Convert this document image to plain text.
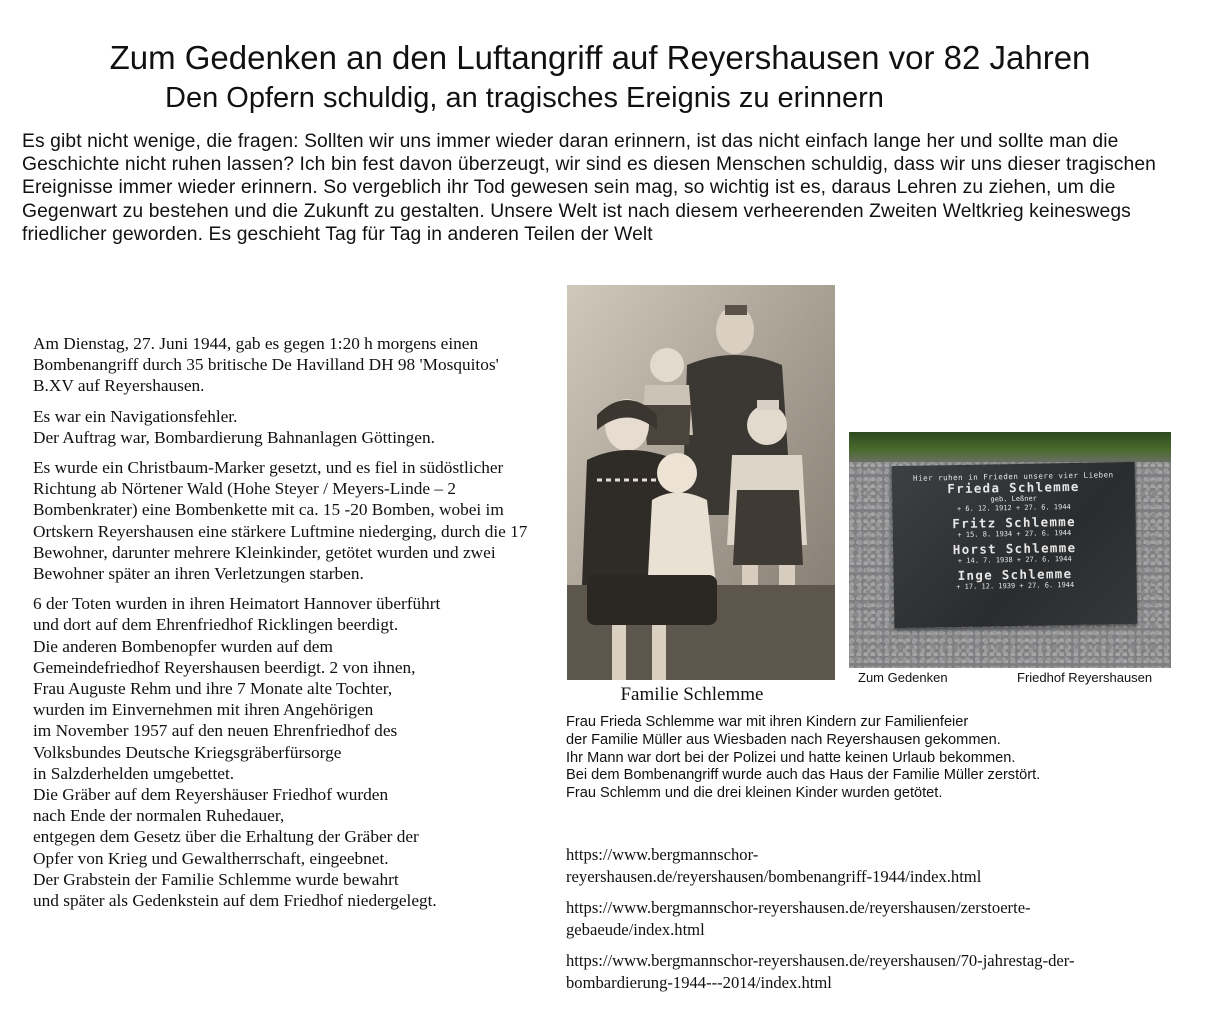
Zum Gedenken an den Luftangriff auf Reyershausen vor 82 Jahren
Den Opfern schuldig, an tragisches Ereignis zu erinnern

Es gibt nicht wenige, die fragen: Sollten wir uns immer wieder daran erinnern, ist das nicht einfach lange her und sollte man die Geschichte nicht ruhen lassen? Ich bin fest davon überzeugt, wir sind es diesen Menschen schuldig, dass wir uns dieser tragischen Ereignisse immer wieder erinnern. So vergeblich ihr Tod gewesen sein mag, so wichtig ist es, daraus Lehren zu ziehen, um die Gegenwart zu bestehen und die Zukunft zu gestalten. Unsere Welt ist nach diesem verheerenden Zweiten Weltkrieg keineswegs friedlicher geworden. Es geschieht Tag für Tag in anderen Teilen der Welt

Am Dienstag, 27. Juni 1944, gab es gegen 1:20 h morgens einen Bombenangriff durch 35 britische De Havilland DH 98 'Mosquitos' B.XV auf Reyershausen.

Es war ein Navigationsfehler.
Der Auftrag war, Bombardierung Bahnanlagen Göttingen.

Es wurde ein Christbaum-Marker gesetzt, und es fiel in südöstlicher Richtung ab Nörtener Wald (Hohe Steyer / Meyers-Linde – 2 Bombenkrater) eine Bombenkette mit ca. 15 -20 Bomben, wobei im Ortskern Reyershausen eine stärkere Luftmine niederging, durch die 17 Bewohner, darunter mehrere Kleinkinder, getötet wurden und zwei Bewohner später an ihren Verletzungen starben.

6 der Toten wurden in ihren Heimatort Hannover überführt
und dort auf dem Ehrenfriedhof Ricklingen beerdigt.
Die anderen Bombenopfer wurden auf dem
Gemeindefriedhof Reyershausen beerdigt. 2 von ihnen,
Frau Auguste Rehm und ihre 7 Monate alte Tochter,
wurden im Einvernehmen mit ihren Angehörigen
im November 1957 auf den neuen Ehrenfriedhof des
Volksbundes Deutsche Kriegsgräberfürsorge
in Salzderhelden umgebettet.
Die Gräber auf dem Reyershäuser Friedhof wurden
nach Ende der normalen Ruhedauer,
entgegen dem Gesetz über die Erhaltung der Gräber der
Opfer von Krieg und Gewaltherrschaft, eingeebnet.
Der Grabstein der Familie Schlemme wurde bewahrt
und später als Gedenkstein auf dem Friedhof niedergelegt.

Familie Schlemme
Hier ruhen in Frieden unsere vier Lieben
Frieda Schlemme
geb. Leßner
+ 6. 12. 1912 + 27. 6. 1944
Fritz Schlemme
+ 15. 8. 1934 + 27. 6. 1944
Horst Schlemme
+ 14. 7. 1938 + 27. 6. 1944
Inge Schlemme
+ 17. 12. 1939 + 27. 6. 1944
Zum Gedenken	Friedhof Reyershausen
Frau Frieda Schlemme war mit ihren Kindern zur Familienfeier
der Familie Müller aus Wiesbaden nach Reyershausen gekommen.
Ihr Mann war dort bei der Polizei und hatte keinen Urlaub bekommen.
Bei dem Bombenangriff wurde auch das Haus der Familie Müller zerstört.
Frau Schlemm und die drei kleinen Kinder wurden getötet.
https://www.bergmannschor-
reyershausen.de/reyershausen/bombenangriff-1944/index.html
https://www.bergmannschor-reyershausen.de/reyershausen/zerstoerte-
gebaeude/index.html
https://www.bergmannschor-reyershausen.de/reyershausen/70-jahrestag-der-
bombardierung-1944---2014/index.html
